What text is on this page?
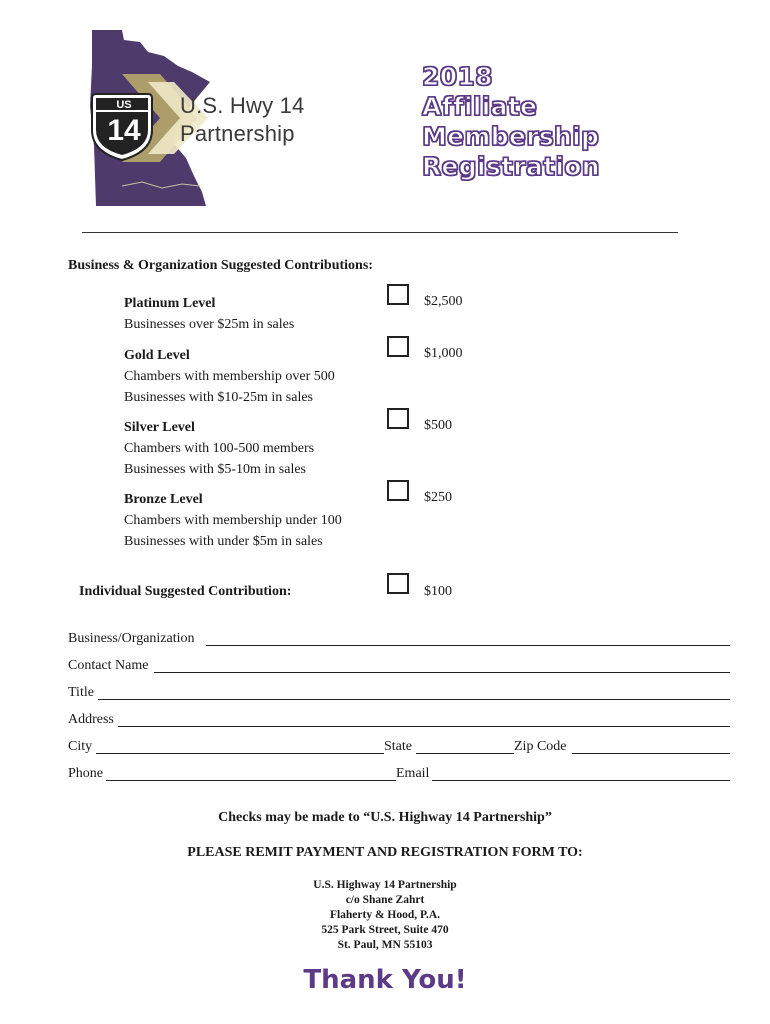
US
14
U.S. Hwy 14
Partnership
2018
Affiliate
Membership
Registration
Business & Organization Suggested Contributions:
Platinum Level
Businesses over $25m in sales
$2,500
Gold Level
Chambers with membership over 500
Businesses with $10-25m in sales
$1,000
Silver Level
Chambers with 100-500 members
Businesses with $5-10m in sales
$500
Bronze Level
Chambers with membership under 100
Businesses with under $5m in sales
$250
Individual Suggested Contribution:	$100
Business/Organization
Contact Name
Title
Address
City	State	Zip Code
Phone	Email
Checks may be made to “U.S. Highway 14 Partnership”
PLEASE REMIT PAYMENT AND REGISTRATION FORM TO:
U.S. Highway 14 Partnership
c/o Shane Zahrt
Flaherty & Hood, P.A.
525 Park Street, Suite 470
St. Paul, MN 55103
Thank You!
